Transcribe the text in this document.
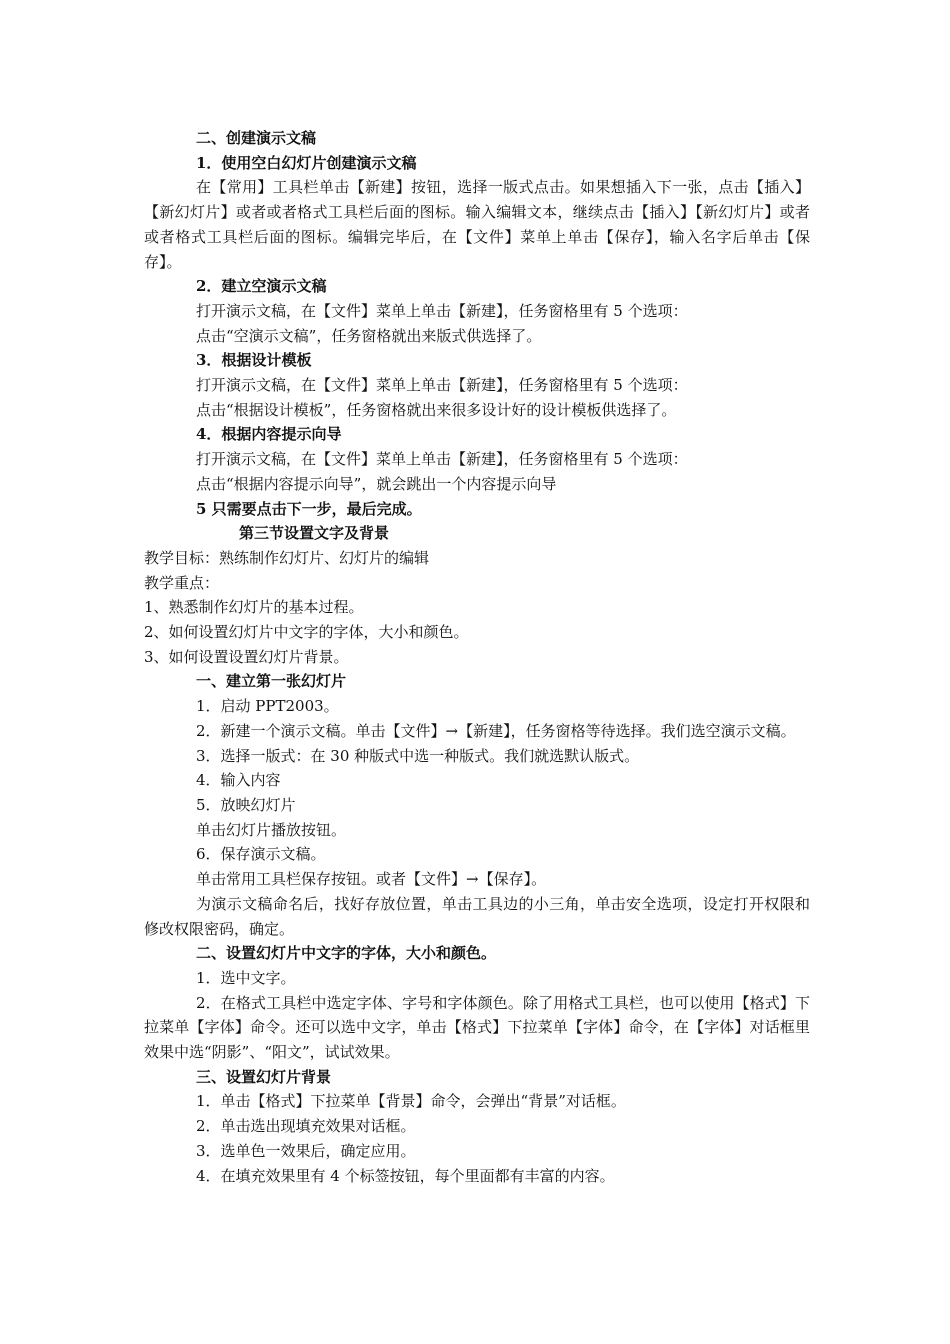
二、创建演示文稿

1．使用空白幻灯片创建演示文稿

在【常用】工具栏单击【新建】按钮，选择一版式点击。如果想插入下一张，点击【插入】【新幻灯片】或者或者格式工具栏后面的图标。输入编辑文本，继续点击【插入】【新幻灯片】或者或者格式工具栏后面的图标。编辑完毕后，在【文件】菜单上单击【保存】，输入名字后单击【保存】。

2．建立空演示文稿

打开演示文稿，在【文件】菜单上单击【新建】，任务窗格里有 5 个选项：

点击“空演示文稿”，任务窗格就出来版式供选择了。

3．根据设计模板

打开演示文稿，在【文件】菜单上单击【新建】，任务窗格里有 5 个选项：

点击“根据设计模板”，任务窗格就出来很多设计好的设计模板供选择了。

4．根据内容提示向导

打开演示文稿，在【文件】菜单上单击【新建】，任务窗格里有 5 个选项：

点击“根据内容提示向导”，就会跳出一个内容提示向导

5 只需要点击下一步，最后完成。

第三节设置文字及背景

教学目标：熟练制作幻灯片、幻灯片的编辑

教学重点：

1、熟悉制作幻灯片的基本过程。

2、如何设置幻灯片中文字的字体，大小和颜色。

3、如何设置设置幻灯片背景。

一、建立第一张幻灯片

1．启动 PPT2003。

2．新建一个演示文稿。单击【文件】→【新建】，任务窗格等待选择。我们选空演示文稿。

3．选择一版式：在 30 种版式中选一种版式。我们就选默认版式。

4．输入内容

5．放映幻灯片

单击幻灯片播放按钮。

6．保存演示文稿。

单击常用工具栏保存按钮。或者【文件】→【保存】。

为演示文稿命名后，找好存放位置，单击工具边的小三角，单击安全选项，设定打开权限和修改权限密码，确定。

二、设置幻灯片中文字的字体，大小和颜色。

1．选中文字。

2．在格式工具栏中选定字体、字号和字体颜色。除了用格式工具栏，也可以使用【格式】下拉菜单【字体】命令。还可以选中文字，单击【格式】下拉菜单【字体】命令，在【字体】对话框里效果中选“阴影”、“阳文”，试试效果。

三、设置幻灯片背景

1．单击【格式】下拉菜单【背景】命令，会弹出“背景”对话框。

2．单击选出现填充效果对话框。

3．选单色一效果后，确定应用。

4．在填充效果里有 4 个标签按钮，每个里面都有丰富的内容。
